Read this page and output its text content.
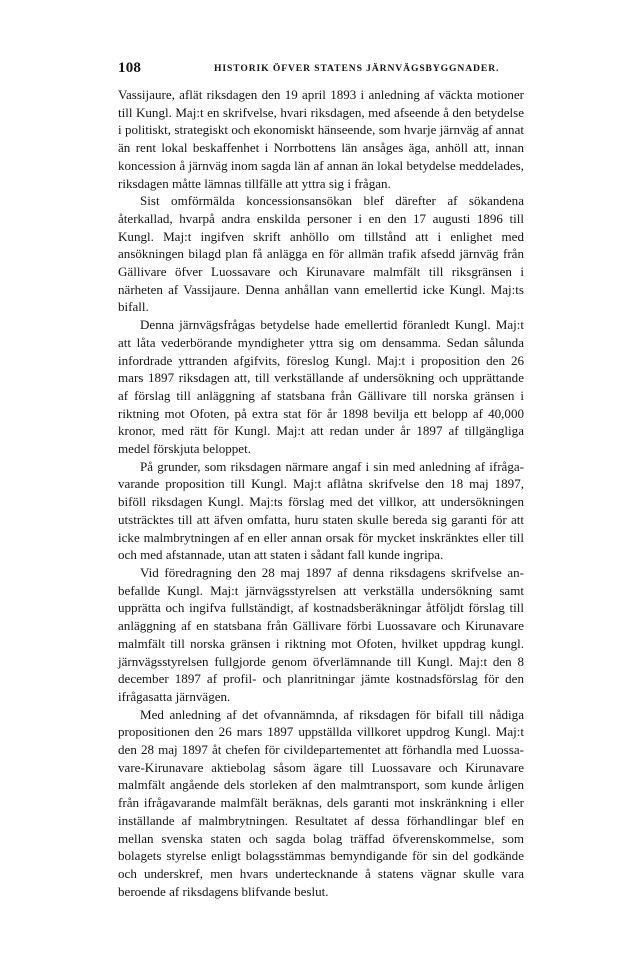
108	HISTORIK ÖFVER STATENS JÄRNVÄGSBYGGNADER.

Vassijaure, aflät riksdagen den 19 april 1893 i anledning af väckta motioner till Kungl. Maj:t en skrifvelse, hvari riksdagen, med afseende å den betydelse i politiskt, strategiskt och ekonomiskt hänseende, som hvarje järnväg af annat än rent lokal beskaffenhet i Norrbottens län ansåges äga, anhöll att, innan koncession å järnväg inom sagda län af annan än lokal betydelse meddelades, riksdagen måtte lämnas tillfälle att yttra sig i frågan.

Sist omförmälda koncessionsansökan blef därefter af sökandena återkallad, hvarpå andra enskilda personer i en den 17 augusti 1896 till Kungl. Maj:t ingifven skrift anhöllo om tillstånd att i enlighet med ansökningen bilagd plan få anlägga en för allmän trafik afsedd järnväg från Gällivare öfver Luossavare och Kirunavare malmfält till riksgränsen i närheten af Vassijaure. Denna anhållan vann emellertid icke Kungl. Maj:ts bifall.

Denna järnvägsfrågas betydelse hade emellertid föranledt Kungl. Maj:t att låta vederbörande myndigheter yttra sig om densamma. Sedan sålunda infordrade yttranden afgifvits, föreslog Kungl. Maj:t i proposition den 26 mars 1897 riksdagen att, till verkställande af undersökning och upprättande af förslag till anläggning af statsbana från Gällivare till norska gränsen i riktning mot Ofoten, på extra stat för år 1898 bevilja ett belopp af 40,000 kronor, med rätt för Kungl. Maj:t att redan under år 1897 af tillgängliga medel förskjuta beloppet.

På grunder, som riksdagen närmare angaf i sin med anledning af ifrågavarande proposition till Kungl. Maj:t aflåtna skrifvelse den 18 maj 1897, biföll riksdagen Kungl. Maj:ts förslag med det villkor, att undersökningen utsträcktes till att äfven omfatta, huru staten skulle bereda sig garanti för att icke malmbrytningen af en eller annan orsak för mycket inskränktes eller till och med afstannade, utan att staten i sådant fall kunde ingripa.

Vid föredragning den 28 maj 1897 af denna riksdagens skrifvelse anbefallde Kungl. Maj:t järnvägsstyrelsen att verkställa undersökning samt upprätta och ingifva fullständigt, af kostnadsberäkningar åtföljdt förslag till anläggning af en statsbana från Gällivare förbi Luossavare och Kirunavare malmfält till norska gränsen i riktning mot Ofoten, hvilket uppdrag kungl. järnvägsstyrelsen fullgjorde genom öfverlämnande till Kungl. Maj:t den 8 december 1897 af profil- och planritningar jämte kostnadsförslag för den ifrågasatta järnvägen.

Med anledning af det ofvannämnda, af riksdagen för bifall till nådiga propositionen den 26 mars 1897 uppställda villkoret uppdrog Kungl. Maj:t den 28 maj 1897 åt chefen för civildepartementet att förhandla med Luossavare-Kirunavare aktiebolag såsom ägare till Luossavare och Kirunavare malmfält angående dels storleken af den malmtransport, som kunde årligen från ifrågavarande malmfält beräknas, dels garanti mot inskränkning i eller inställande af malmbrytningen. Resultatet af dessa förhandlingar blef en mellan svenska staten och sagda bolag träffad öfverenskommelse, som bolagets styrelse enligt bolagsstämmas bemyndigande för sin del godkände och underskref, men hvars undertecknande å statens vägnar skulle vara beroende af riksdagens blifvande beslut.
